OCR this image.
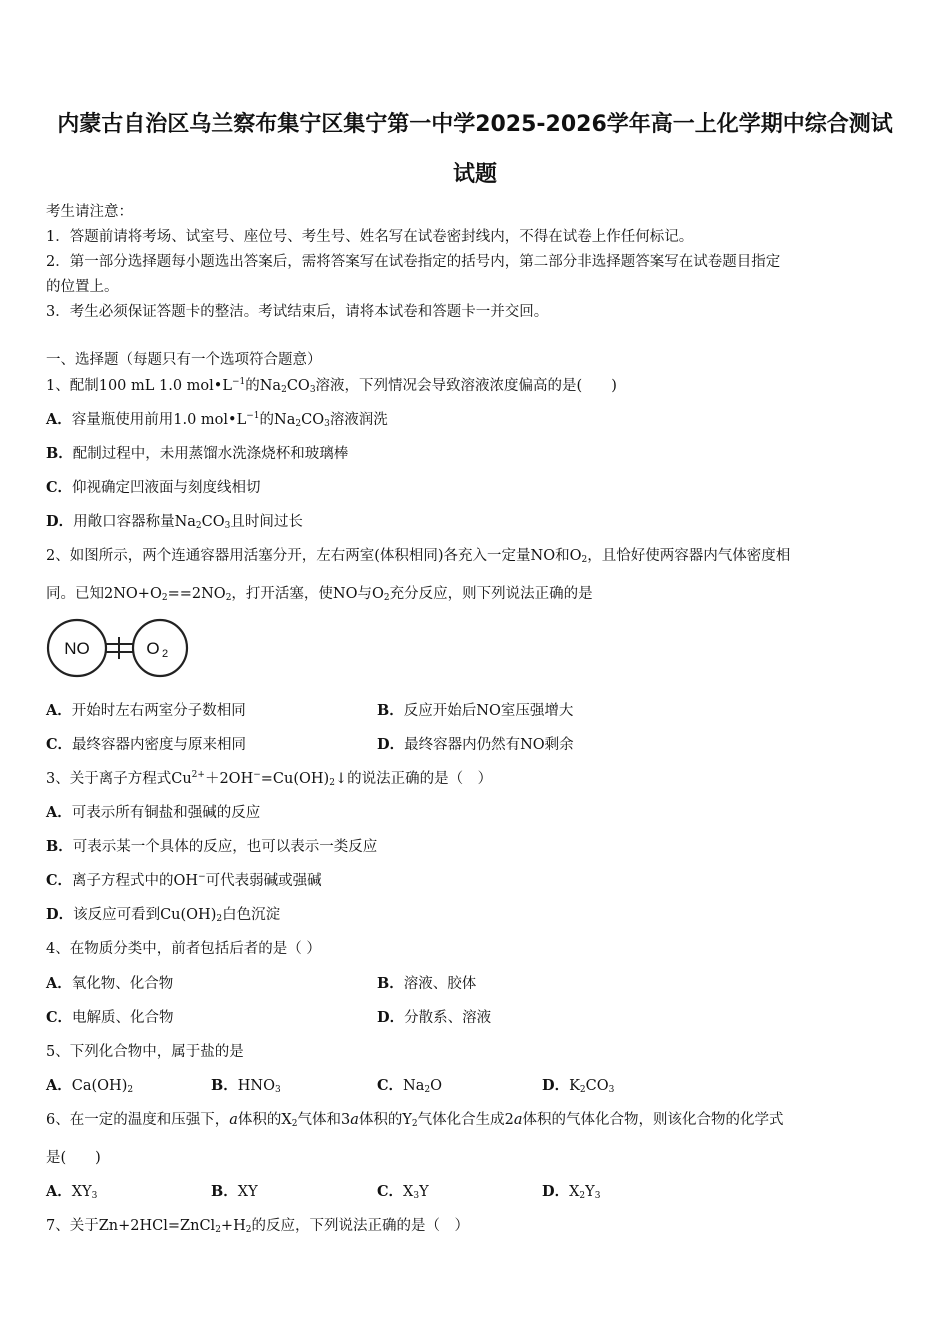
内蒙古自治区乌兰察布集宁区集宁第一中学2025-2026学年高一上化学期中综合测试
试题
考生请注意：
1．答题前请将考场、试室号、座位号、考生号、姓名写在试卷密封线内，不得在试卷上作任何标记。
2．第一部分选择题每小题选出答案后，需将答案写在试卷指定的括号内，第二部分非选择题答案写在试卷题目指定
的位置上。
3．考生必须保证答题卡的整洁。考试结束后，请将本试卷和答题卡一并交回。
一、选择题（每题只有一个选项符合题意）
1、配制100 mL 1.0 $mol•L^{-1}$的$Na_2CO_3$溶液，下列情况会导致溶液浓度偏高的是(　　)
A．容量瓶使用前用1.0 $mol•L^{-1}$的$Na_2CO_3$溶液润洗
B．配制过程中，未用蒸馏水洗涤烧杯和玻璃棒
C．仰视确定凹液面与刻度线相切
D．用敞口容器称量$Na_2CO_3$且时间过长
2、如图所示，两个连通容器用活塞分开，左右两室(体积相同)各充入一定量NO和$O_2$，且恰好使两容器内气体密度相
同。已知$2NO+O_2==2NO_2$，打开活塞，使NO与$O_2$充分反应，则下列说法正确的是
NO	O 2
A．开始时左右两室分子数相同	B．反应开始后NO室压强增大
C．最终容器内密度与原来相同	D．最终容器内仍然有NO剩余
3、关于离子方程式$Cu^{2+}+2OH^-=Cu(OH)_2↓$的说法正确的是（　）
A．可表示所有铜盐和强碱的反应
B．可表示某一个具体的反应，也可以表示一类反应
C．离子方程式中的OH−可代表弱碱或强碱
D．该反应可看到$Cu(OH)_2$白色沉淀
4、在物质分类中，前者包括后者的是（ ）
A．氧化物、化合物	B．溶液、胶体
C．电解质、化合物	D．分散系、溶液
5、下列化合物中，属于盐的是
A．$Ca(OH)_2$	B．$HNO_3$	C．$Na_2O$	D．$K_2CO_3$
6、在一定的温度和压强下，a体积的$X_2$气体和3a体积的$Y_2$气体化合生成2a体积的气体化合物，则该化合物的化学式
是(　　)
A．$XY_3$	B．XY	C．$X_3Y$	D．$X_2Y_3$
7、关于$Zn+2HCl=ZnCl_2+H_2$的反应，下列说法正确的是（　）
